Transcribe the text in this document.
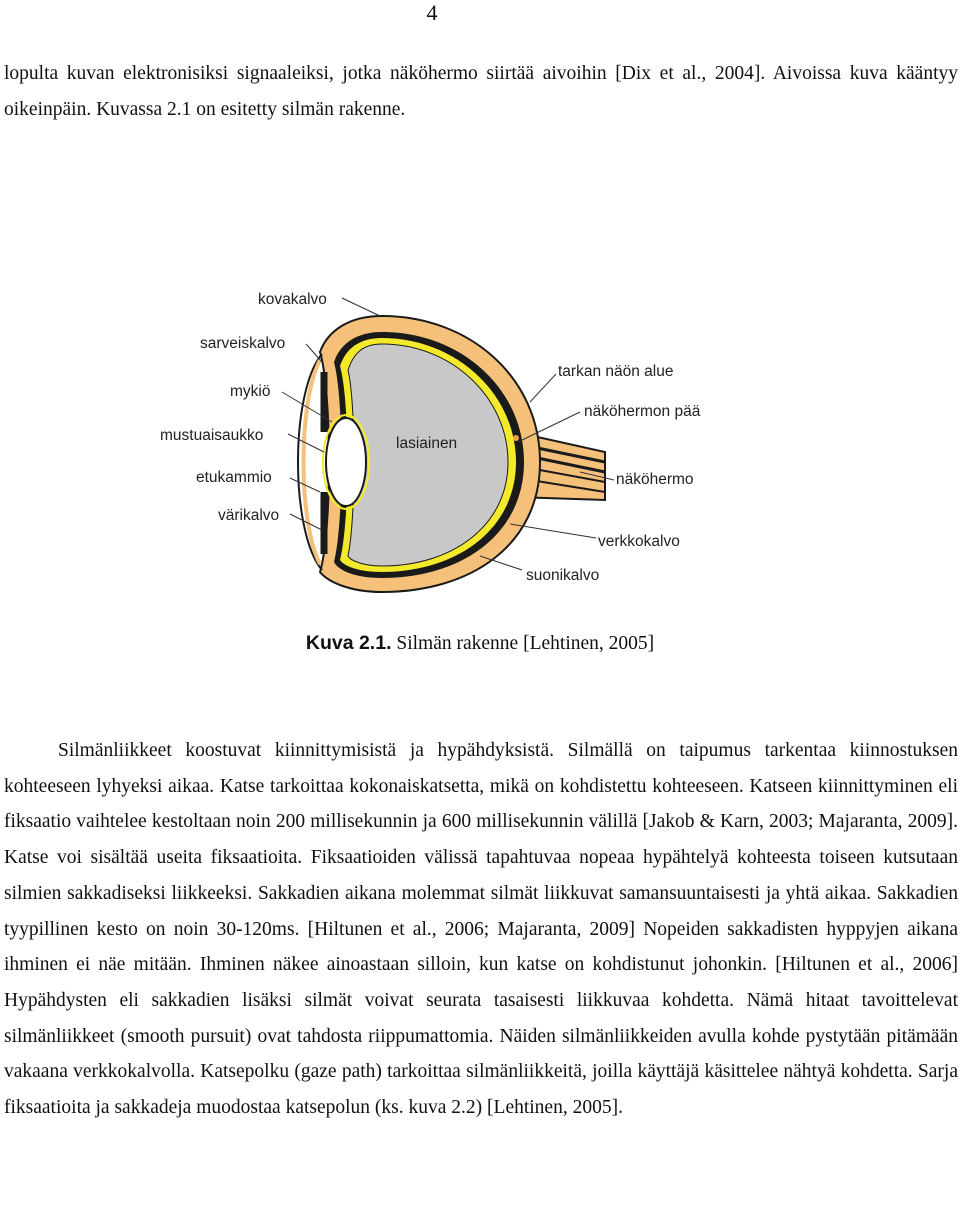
4

lopulta kuvan elektronisiksi signaaleiksi, jotka näköhermo siirtää aivoihin [Dix et al., 2004]. Aivoissa kuva kääntyy oikeinpäin. Kuvassa 2.1 on esitetty silmän rakenne.

kovakalvo
sarveiskalvo
mykiö
mustuaisaukko
etukammio
värikalvo
lasiainen
tarkan näön alue
näköhermon pää
näköhermo
verkkokalvo
suonikalvo
Kuva 2.1. Silmän rakenne [Lehtinen, 2005]

Silmänliikkeet koostuvat kiinnittymisistä ja hypähdyksistä. Silmällä on taipumus tarkentaa kiinnostuksen kohteeseen lyhyeksi aikaa. Katse tarkoittaa kokonaiskatsetta, mikä on kohdistettu kohteeseen. Katseen kiinnittyminen eli fiksaatio vaihtelee kestoltaan noin 200 millisekunnin ja 600 millisekunnin välillä [Jakob & Karn, 2003; Majaranta, 2009]. Katse voi sisältää useita fiksaatioita. Fiksaatioiden välissä tapahtuvaa nopeaa hypähtelyä kohteesta toiseen kutsutaan silmien sakkadiseksi liikkeeksi. Sakkadien aikana molemmat silmät liikkuvat samansuuntaisesti ja yhtä aikaa. Sakkadien tyypillinen kesto on noin 30-120ms. [Hiltunen et al., 2006; Majaranta, 2009] Nopeiden sakkadisten hyppyjen aikana ihminen ei näe mitään. Ihminen näkee ainoastaan silloin, kun katse on kohdistunut johonkin. [Hiltunen et al., 2006] Hypähdysten eli sakkadien lisäksi silmät voivat seurata tasaisesti liikkuvaa kohdetta. Nämä hitaat tavoittelevat silmänliikkeet (smooth pursuit) ovat tahdosta riippumattomia. Näiden silmänliikkeiden avulla kohde pystytään pitämään vakaana verkkokalvolla. Katsepolku (gaze path) tarkoittaa silmänliikkeitä, joilla käyttäjä käsittelee nähtyä kohdetta. Sarja fiksaatioita ja sakkadeja muodostaa katsepolun (ks. kuva 2.2) [Lehtinen, 2005].
